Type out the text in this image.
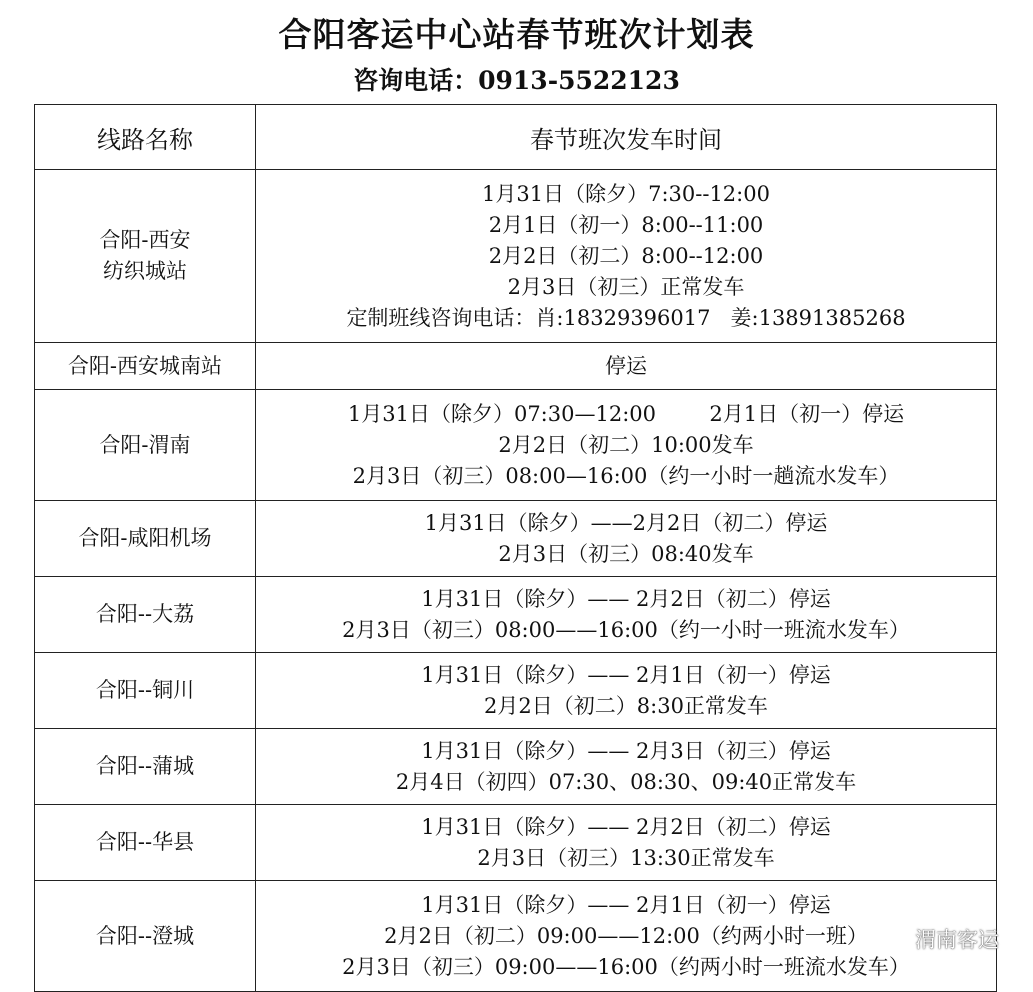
合阳客运中心站春节班次计划表
咨询电话：0913-5522123
线路名称	春节班次发车时间

合阳-西安
纺织城站	1月31日（除夕）7:30--12:00
2月1日（初一）8:00--11:00
2月2日（初二）8:00--12:00
2月3日（初三）正常发车
定制班线咨询电话：肖:18329396017   姜:13891385268

合阳-西安城南站	停运

合阳-渭南	1月31日（除夕）07:30—12:00        2月1日（初一）停运
2月2日（初二）10:00发车
2月3日（初三）08:00—16:00（约一小时一趟流水发车）

合阳-咸阳机场	1月31日（除夕）——2月2日（初二）停运
2月3日（初三）08:40发车

合阳--大荔	1月31日（除夕）—— 2月2日（初二）停运
2月3日（初三）08:00——16:00（约一小时一班流水发车）

合阳--铜川	1月31日（除夕）—— 2月1日（初一）停运
2月2日（初二）8:30正常发车

合阳--蒲城	1月31日（除夕）—— 2月3日（初三）停运
2月4日（初四）07:30、08:30、09:40正常发车

合阳--华县	1月31日（除夕）—— 2月2日（初二）停运
2月3日（初三）13:30正常发车

合阳--澄城	1月31日（除夕）—— 2月1日（初一）停运
2月2日（初二）09:00——12:00（约两小时一班）
2月3日（初三）09:00——16:00（约两小时一班流水发车）
渭南客运
